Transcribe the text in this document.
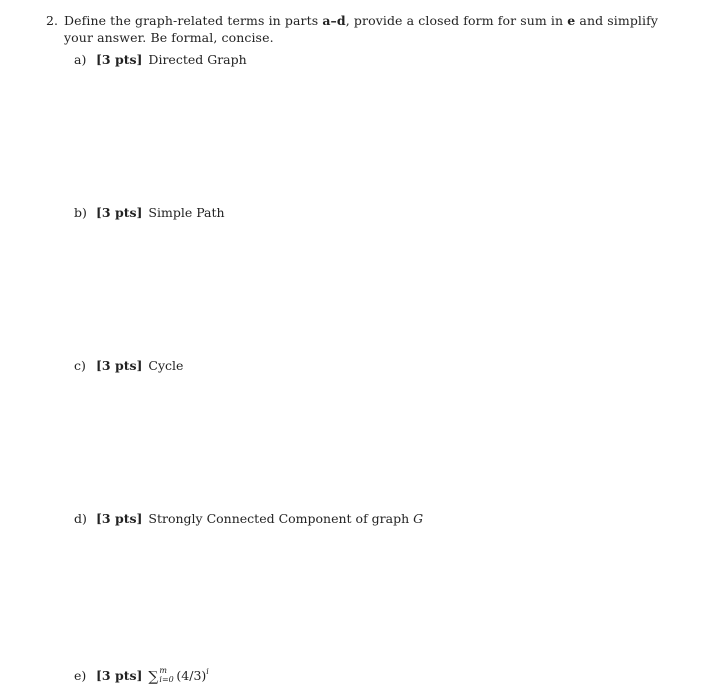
2. Define the graph-related terms in parts a–d, provide a closed form for sum in e and simplify
your answer. Be formal, concise.
a) [3 pts] Directed Graph
b) [3 pts] Simple Path
c) [3 pts] Cycle
d) [3 pts] Strongly Connected Component of graph G
e) [3 pts] ∑ m
i=0 $(4/3)^i$
